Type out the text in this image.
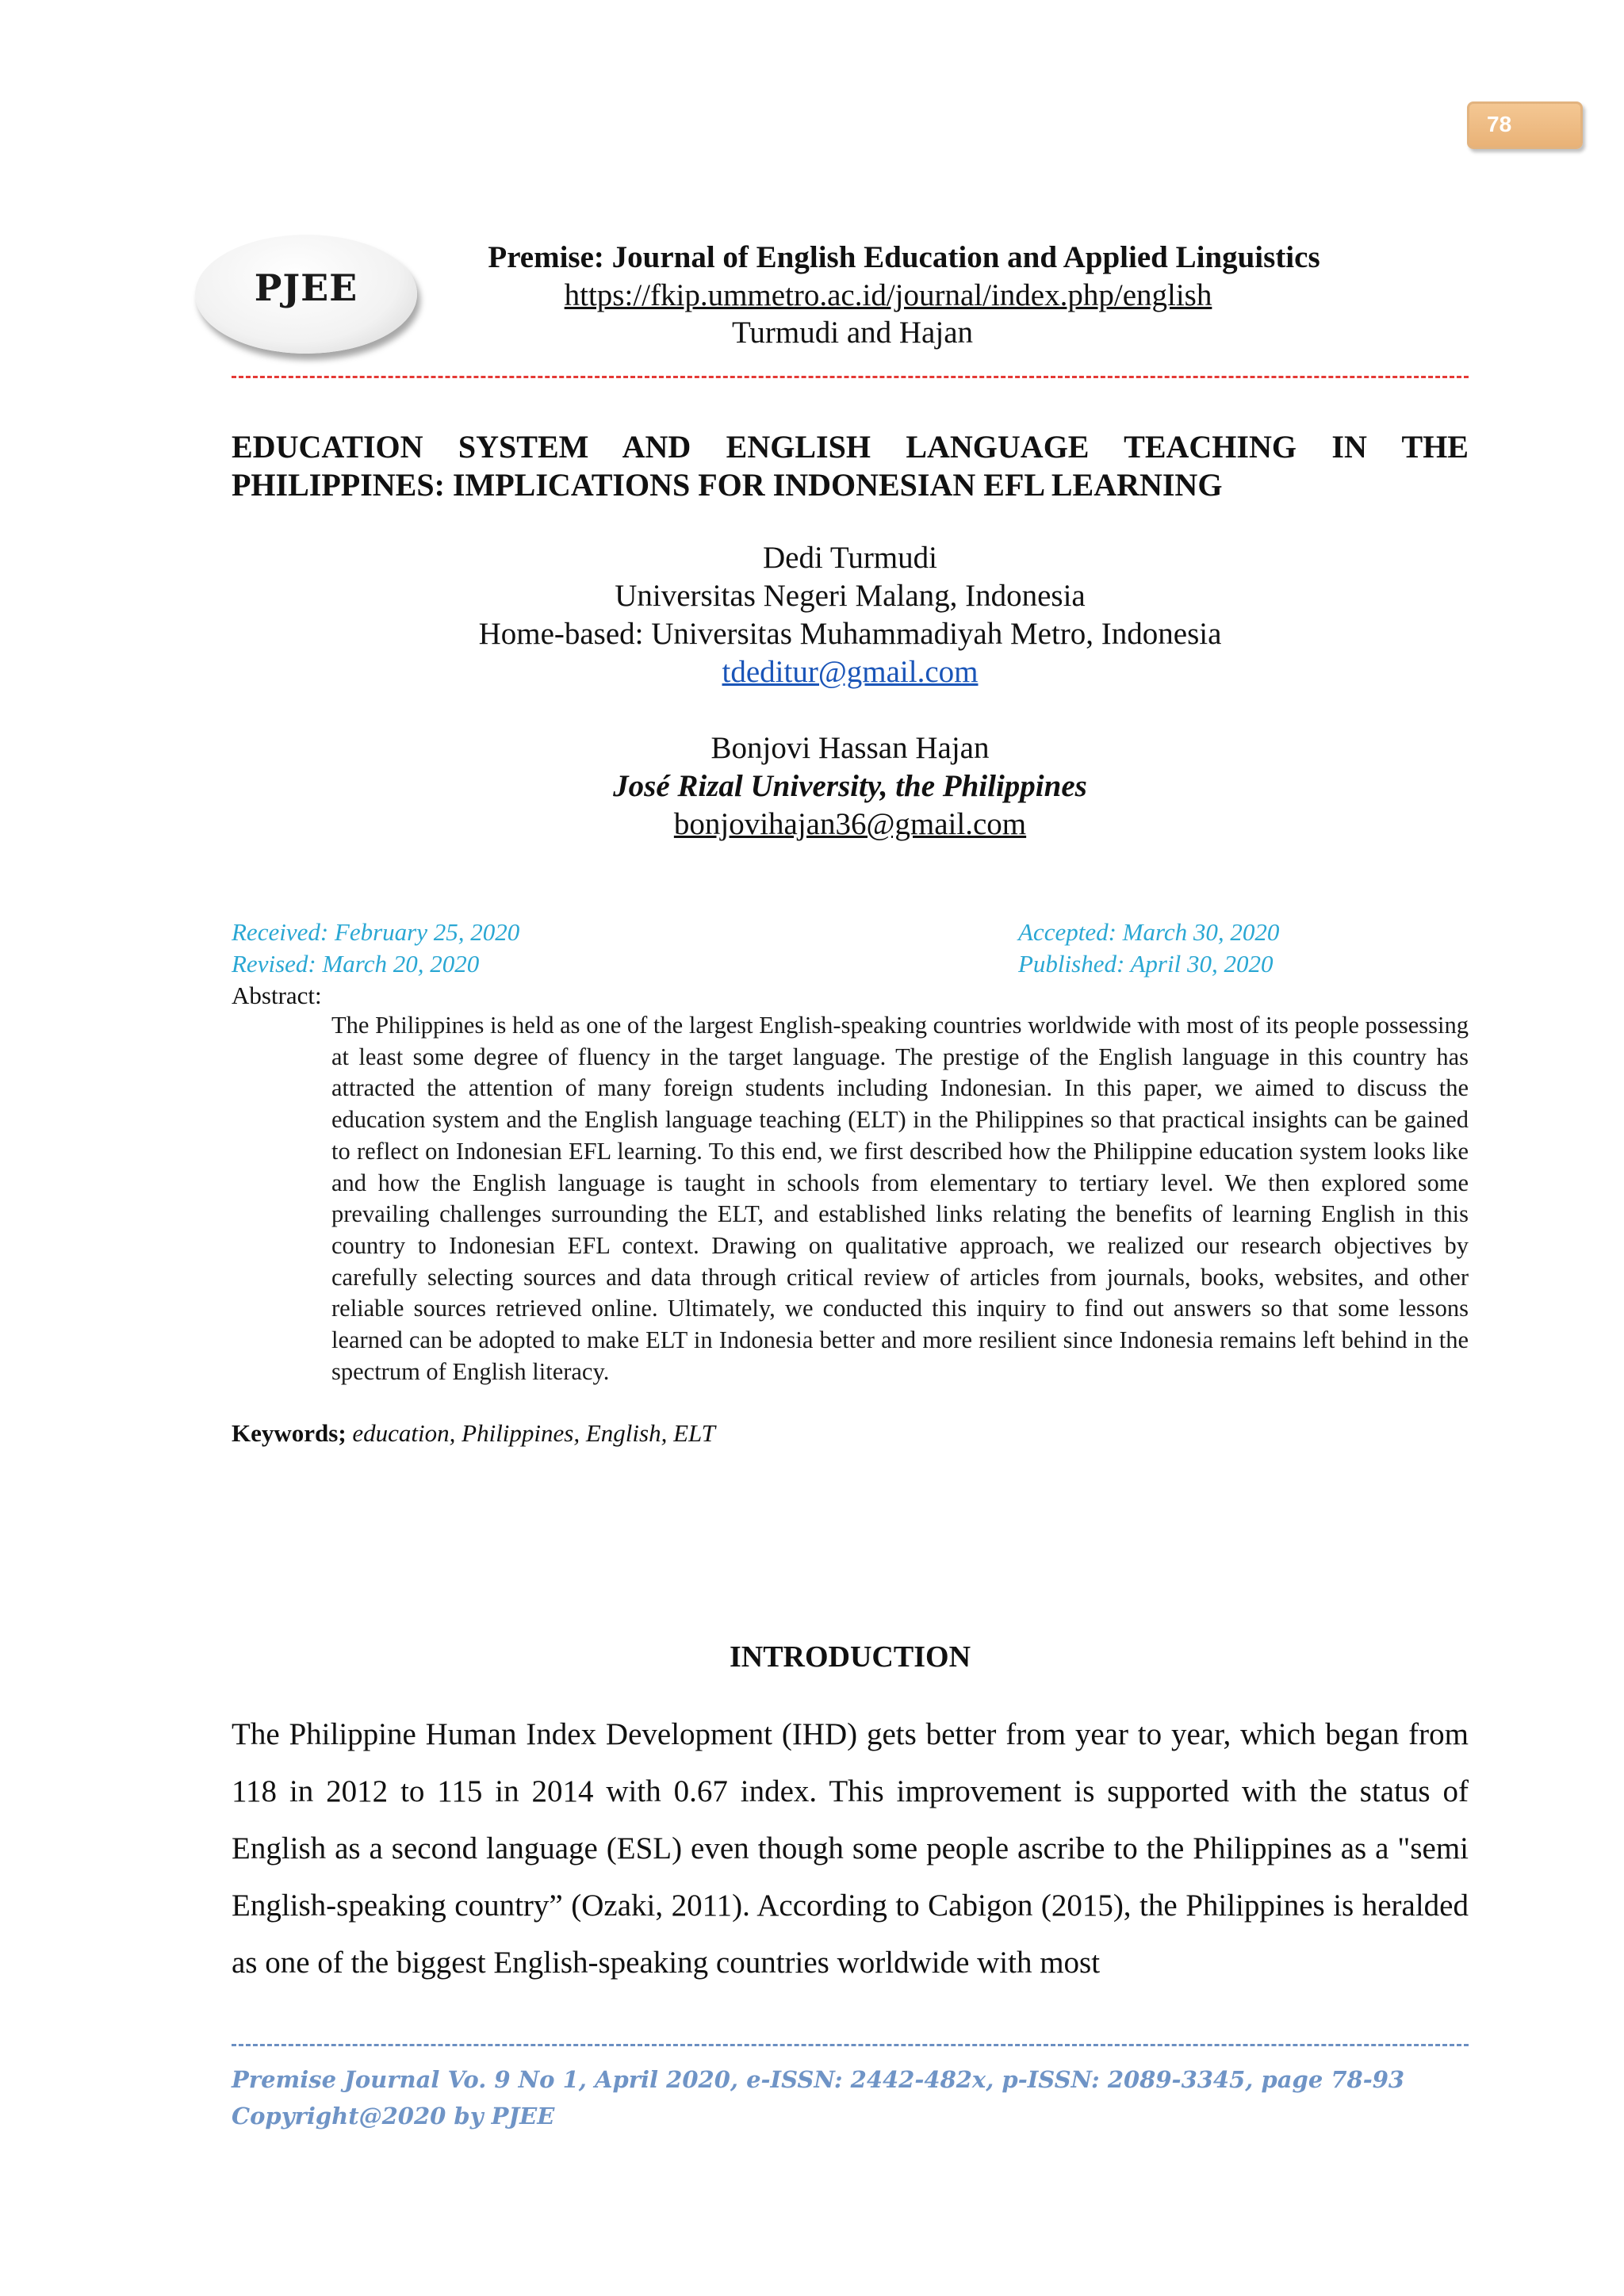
78
PJEE
Premise: Journal of English Education and Applied Linguistics
https://fkip.ummetro.ac.id/journal/index.php/english
Turmudi and Hajan
EDUCATION SYSTEM AND ENGLISH LANGUAGE TEACHING IN THE
PHILIPPINES: IMPLICATIONS FOR INDONESIAN EFL LEARNING
Dedi Turmudi
Universitas Negeri Malang, Indonesia
Home-based: Universitas Muhammadiyah Metro, Indonesia
tdeditur@gmail.com
Bonjovi Hassan Hajan
José Rizal University, the Philippines
bonjovihajan36@gmail.com
Received: February 25, 2020	Accepted: March 30, 2020
Revised: March 20, 2020	Published: April 30, 2020
Abstract:
The Philippines is held as one of the largest English-speaking countries worldwide with most of its people possessing at least some degree of fluency in the target language. The prestige of the English language in this country has attracted the attention of many foreign students including Indonesian. In this paper, we aimed to discuss the education system and the English language teaching (ELT) in the Philippines so that practical insights can be gained to reflect on Indonesian EFL learning. To this end, we first described how the Philippine education system looks like and how the English language is taught in schools from elementary to tertiary level. We then explored some prevailing challenges surrounding the ELT, and established links relating the benefits of learning English in this country to Indonesian EFL context. Drawing on qualitative approach, we realized our research objectives by carefully selecting sources and data through critical review of articles from journals, books, websites, and other reliable sources retrieved online. Ultimately, we conducted this inquiry to find out answers so that some lessons learned can be adopted to make ELT in Indonesia better and more resilient since Indonesia remains left behind in the spectrum of English literacy.
Keywords; education, Philippines, English, ELT
INTRODUCTION
The Philippine Human Index Development (IHD) gets better from year to year, which began from 118 in 2012 to 115 in 2014 with 0.67 index. This improvement is supported with the status of English as a second language (ESL) even though some people ascribe to the Philippines as a "semi English-speaking country” (Ozaki, 2011). According to Cabigon (2015), the Philippines is heralded as one of the biggest English-speaking countries worldwide with most
Premise Journal Vo. 9 No 1, April 2020, e-ISSN: 2442-482x, p-ISSN: 2089-3345, page 78-93
Copyright@2020 by PJEE
